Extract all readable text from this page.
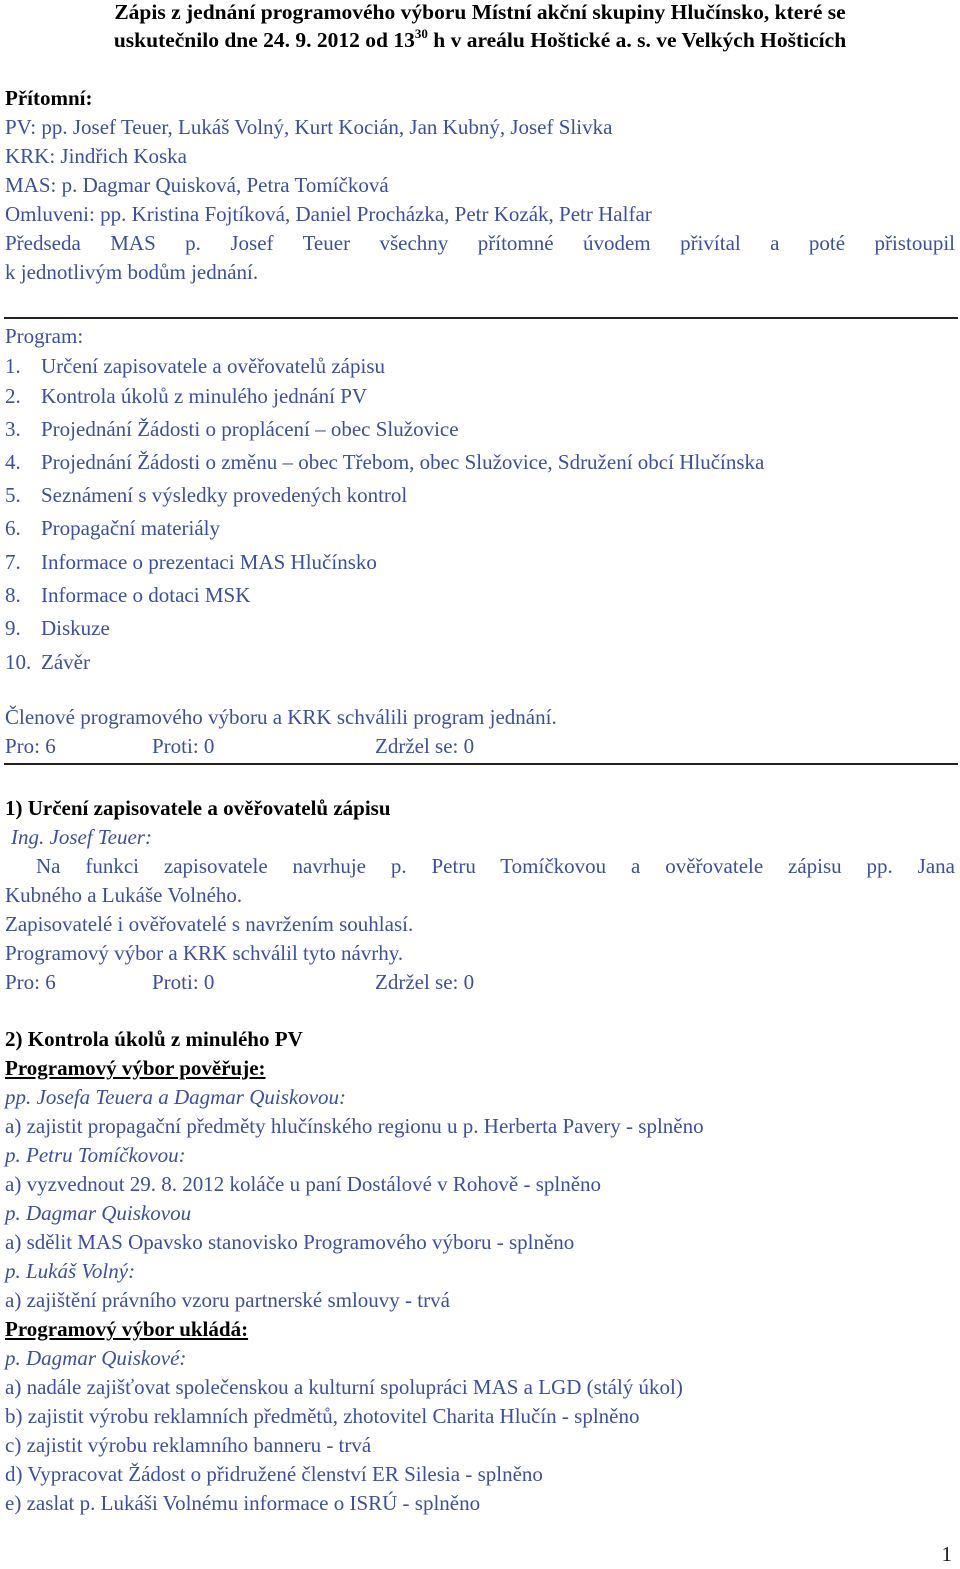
Zápis z jednání programového výboru Místní akční skupiny Hlučínsko, které se
uskutečnilo dne 24. 9. 2012 od $13^{30}$ h v areálu Hoštické a. s. ve Velkých Hošticích
Přítomní:
PV: pp. Josef Teuer, Lukáš Volný, Kurt Kocián, Jan Kubný, Josef Slivka
KRK: Jindřich Koska
MAS: p. Dagmar Quisková, Petra Tomíčková
Omluveni: pp. Kristina Fojtíková, Daniel Procházka, Petr Kozák, Petr Halfar
Předseda MAS p. Josef Teuer všechny přítomné úvodem přivítal a poté přistoupil
k jednotlivým bodům jednání.
Program:
1. Určení zapisovatele a ověřovatelů zápisu
2. Kontrola úkolů z minulého jednání PV
3. Projednání Žádosti o proplácení – obec Služovice
4. Projednání Žádosti o změnu – obec Třebom, obec Služovice, Sdružení obcí Hlučínska
5. Seznámení s výsledky provedených kontrol
6. Propagační materiály
7. Informace o prezentaci MAS Hlučínsko
8. Informace o dotaci MSK
9. Diskuze
10. Závěr
Členové programového výboru a KRK schválili program jednání.
Pro: 6	Proti: 0	Zdržel se: 0
1) Určení zapisovatele a ověřovatelů zápisu
Ing. Josef Teuer:
Na funkci zapisovatele navrhuje p. Petru Tomíčkovou a ověřovatele zápisu pp. Jana
Kubného a Lukáše Volného.
Zapisovatelé i ověřovatelé s navržením souhlasí.
Programový výbor a KRK schválil tyto návrhy.
Pro: 6	Proti: 0	Zdržel se: 0
2) Kontrola úkolů z minulého PV
Programový výbor pověřuje:
pp. Josefa Teuera a Dagmar Quiskovou:
a) zajistit propagační předměty hlučínského regionu u p. Herberta Pavery - splněno
p. Petru Tomíčkovou:
a) vyzvednout 29. 8. 2012 koláče u paní Dostálové v Rohově - splněno
p. Dagmar Quiskovou
a) sdělit MAS Opavsko stanovisko Programového výboru - splněno
p. Lukáš Volný:
a) zajištění právního vzoru partnerské smlouvy - trvá
Programový výbor ukládá:
p. Dagmar Quiskové:
a) nadále zajišťovat společenskou a kulturní spolupráci MAS a LGD (stálý úkol)
b) zajistit výrobu reklamních předmětů, zhotovitel Charita Hlučín - splněno
c) zajistit výrobu reklamního banneru - trvá
d) Vypracovat Žádost o přidružené členství ER Silesia - splněno
e) zaslat p. Lukáši Volnému informace o ISRÚ - splněno
1
